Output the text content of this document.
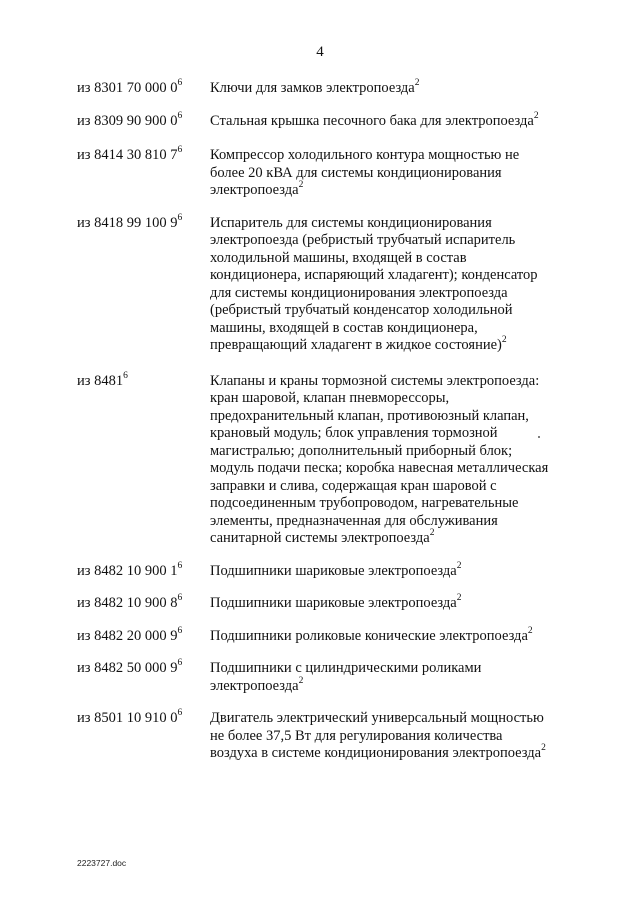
4
из 8301 70 000 $0^6$	Ключи для замков электропоезда$^2$
из 8309 90 900 $0^6$	Стальная крышка песочного бака для электропоезда$^2$
из 8414 30 810 $7^6$	Компрессор холодильного контура мощностью не
более 20 кВА для системы кондиционирования
электропоезда$^2$
из 8418 99 100 $9^6$	Испаритель для системы кондиционирования
электропоезда (ребристый трубчатый испаритель
холодильной машины, входящей в состав
кондиционера, испаряющий хладагент); конденсатор
для системы кондиционирования электропоезда
(ребристый трубчатый конденсатор холодильной
машины, входящей в состав кондиционера,
превращающий хладагент в жидкое состояние)$^2$
из 8481$^6$	Клапаны и краны тормозной системы электропоезда:
кран шаровой, клапан пневморессоры,
предохранительный клапан, противоюзный клапан,
крановый модуль; блок управления тормозной
магистралью; дополнительный приборный блок;
модуль подачи песка; коробка навесная металлическая
заправки и слива, содержащая кран шаровой с
подсоединенным трубопроводом, нагревательные
элементы, предназначенная для обслуживания
санитарной системы электропоезда$^2$
из 8482 10 900 $1^6$	Подшипники шариковые электропоезда$^2$
из 8482 10 900 $8^6$	Подшипники шариковые электропоезда$^2$
из 8482 20 000 $9^6$	Подшипники роликовые конические электропоезда$^2$
из 8482 50 000 $9^6$	Подшипники с цилиндрическими роликами
электропоезда$^2$
из 8501 10 910 $0^6$	Двигатель электрический универсальный мощностью
не более 37,5 Вт для регулирования количества
воздуха в системе кондиционирования электропоезда$^2$
2223727.doc
